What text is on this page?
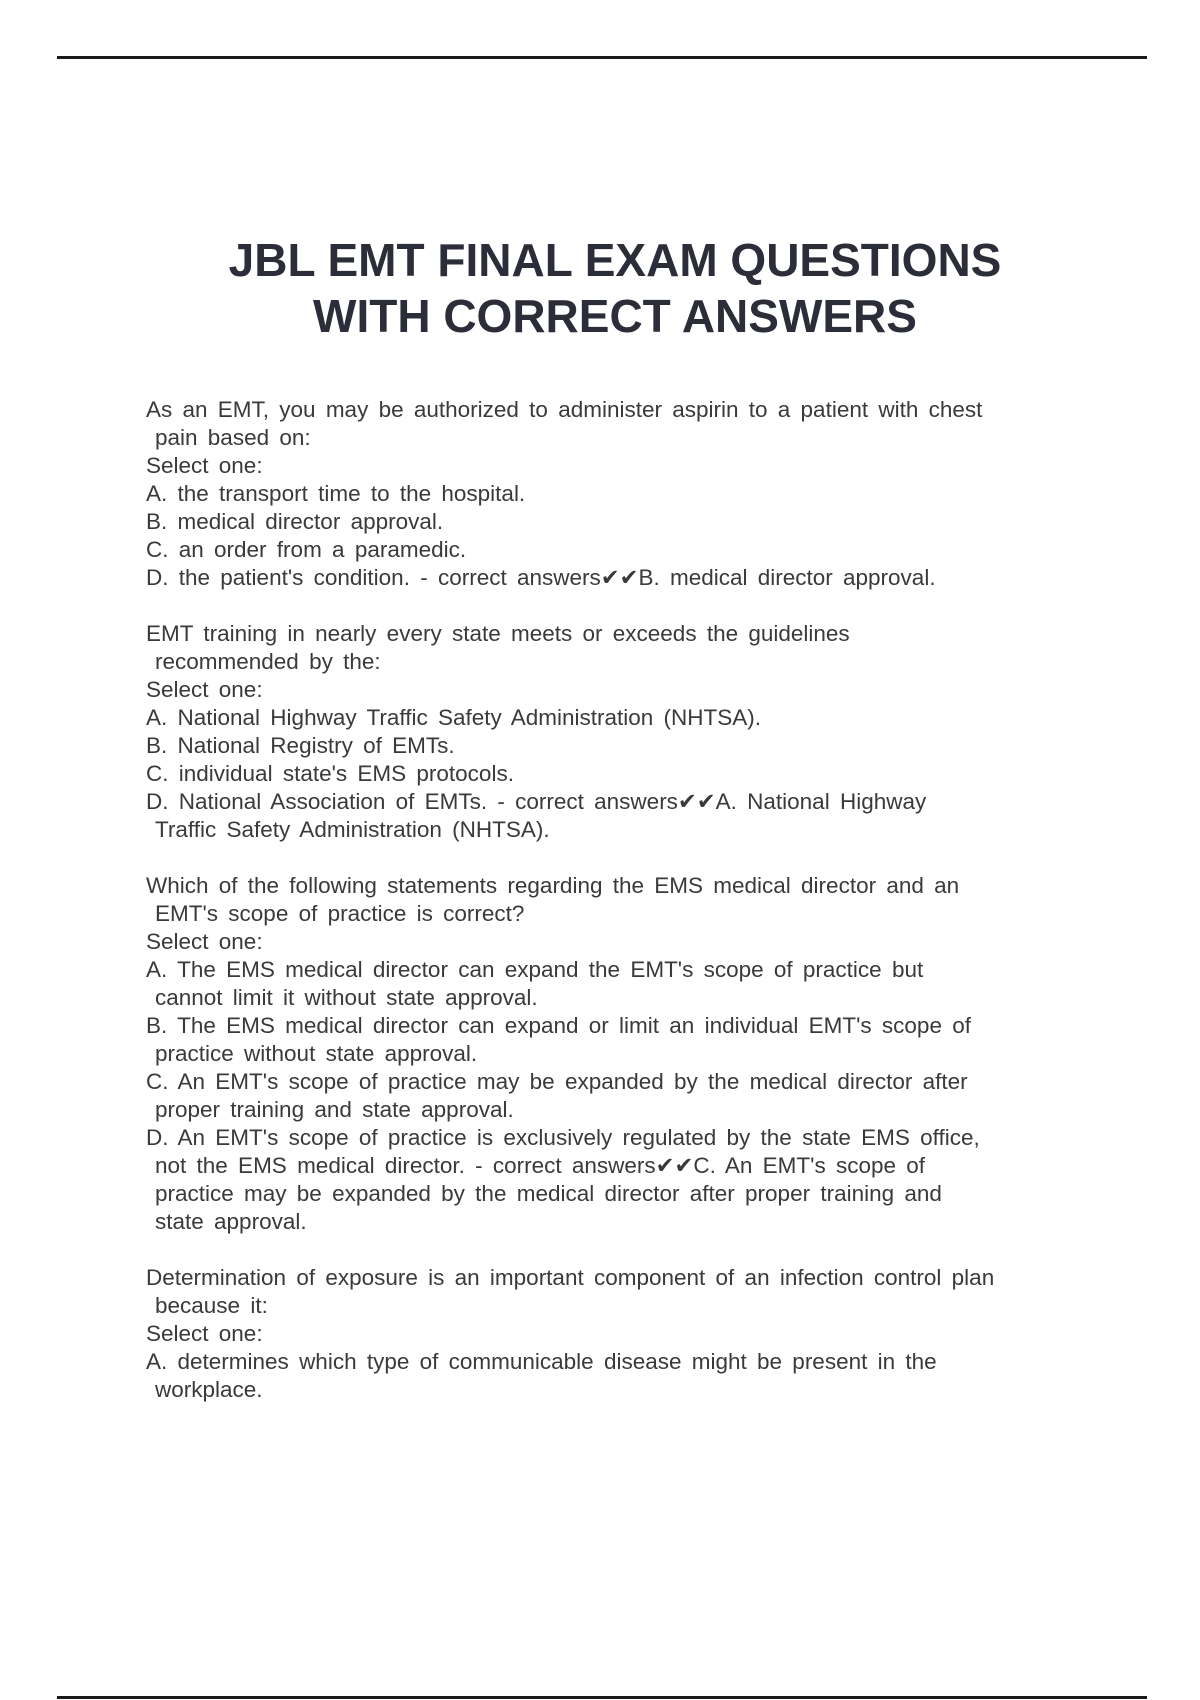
JBL EMT FINAL EXAM QUESTIONS
WITH CORRECT ANSWERS
As an EMT, you may be authorized to administer aspirin to a patient with chest
pain based on:
Select one:
A. the transport time to the hospital.
B. medical director approval.
C. an order from a paramedic.
D. the patient's condition. - correct answers✔✔B. medical director approval.
EMT training in nearly every state meets or exceeds the guidelines
recommended by the:
Select one:
A. National Highway Traffic Safety Administration (NHTSA).
B. National Registry of EMTs.
C. individual state's EMS protocols.
D. National Association of EMTs. - correct answers✔✔A. National Highway
Traffic Safety Administration (NHTSA).
Which of the following statements regarding the EMS medical director and an
EMT's scope of practice is correct?
Select one:
A. The EMS medical director can expand the EMT's scope of practice but
cannot limit it without state approval.
B. The EMS medical director can expand or limit an individual EMT's scope of
practice without state approval.
C. An EMT's scope of practice may be expanded by the medical director after
proper training and state approval.
D. An EMT's scope of practice is exclusively regulated by the state EMS office,
not the EMS medical director. - correct answers✔✔C. An EMT's scope of
practice may be expanded by the medical director after proper training and
state approval.
Determination of exposure is an important component of an infection control plan
because it:
Select one:
A. determines which type of communicable disease might be present in the
workplace.
